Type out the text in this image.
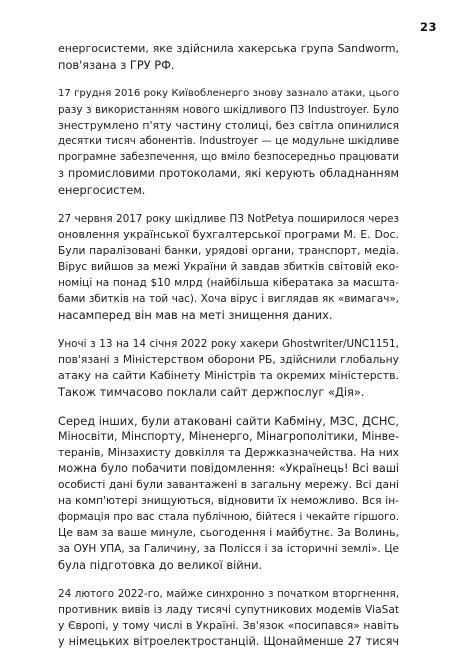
23

енергосистеми, яке здійснила хакерська група Sandworm,
пов'язана з ГРУ РФ.

17 грудня 2016 року Київобленерго знову зазнало атаки, цього
разу з використанням нового шкідливого ПЗ Industroyer. Було
знеструмлено п'яту частину столиці, без світла опинилися
десятки тисяч абонентів. Industroyer — це модульне шкідливе
програмне забезпечення, що вміло безпосередньо працювати
з промисловими протоколами, які керують обладнанням
енергосистем.

27 червня 2017 року шкідливе ПЗ NotPetya поширилося через
оновлення української бухгалтерської програми M. E. Doc.
Були паралізовані банки, урядові органи, транспорт, медіа.
Вірус вийшов за межі України й завдав збитків світовій еко-
номіці на понад $10 млрд (найбільша кібератака за масшта-
бами збитків на той час). Хоча вірус і виглядав як «вимагач»,
насамперед він мав на меті знищення даних.

Уночі з 13 на 14 січня 2022 року хакери Ghostwriter/UNC1151,
пов'язані з Міністерством оборони РБ, здійснили глобальну
атаку на сайти Кабінету Міністрів та окремих міністерств.
Також тимчасово поклали сайт держпослуг «Дія».

Серед інших, були атаковані сайти Кабміну, МЗС, ДСНС,
Міносвіти, Мінспорту, Міненерго, Мінагрополітики, Мінве-
теранів, Мінзахисту довкілля та Держказначейства. На них
можна було побачити повідомлення: «Українець! Всі ваші
особисті дані були завантажені в загальну мережу. Всі дані
на комп'ютері знищуються, відновити їх неможливо. Вся ін-
формація про вас стала публічною, бійтеся і чекайте гіршого.
Це вам за ваше минуле, сьогодення і майбутнє. За Волинь,
за ОУН УПА, за Галичину, за Полісся і за історичні землі». Це
була підготовка до великої війни.

24 лютого 2022-го, майже синхронно з початком вторгнення,
противник вивів із ладу тисячі супутникових модемів ViaSat
у Європі, у тому числі в Україні. Зв'язок «посипався» навіть
у німецьких вітроелектростанцій. Щонайменше 27 тисяч
